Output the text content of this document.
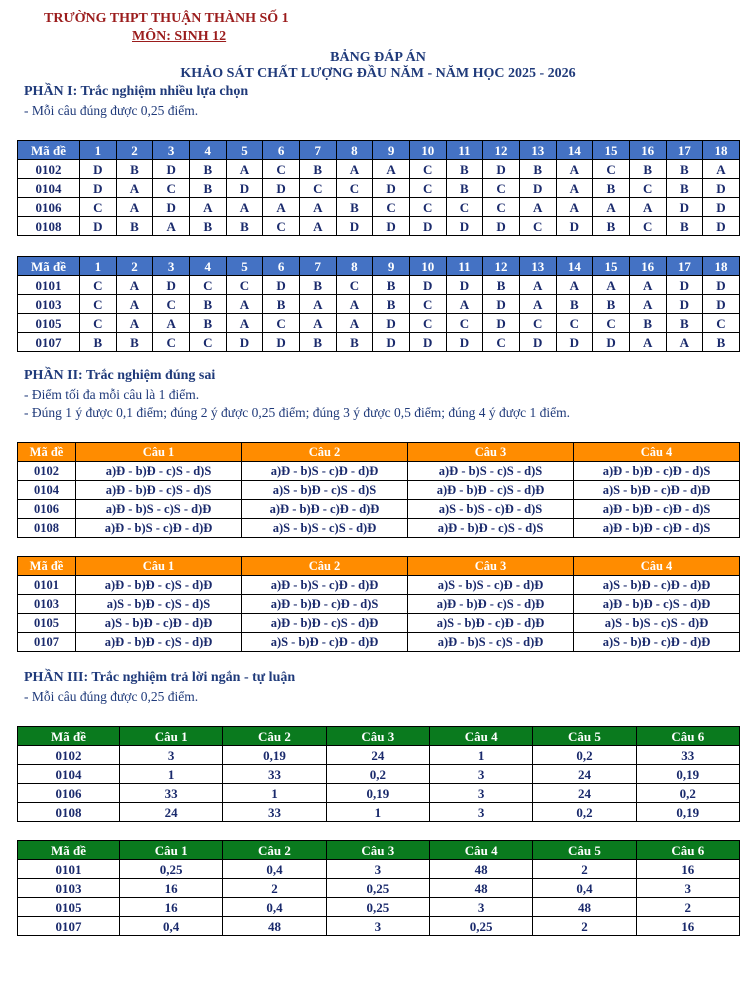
TRƯỜNG THPT THUẬN THÀNH SỐ 1
MÔN: SINH 12
BẢNG ĐÁP ÁN
KHẢO SÁT CHẤT LƯỢNG ĐẦU NĂM - NĂM HỌC 2025 - 2026
PHẦN I: Trắc nghiệm nhiều lựa chọn
- Mỗi câu đúng được 0,25 điểm.
Mã đề	1	2	3	4	5	6	7	8	9	10	11	12	13	14	15	16	17	18
0102	D	B	D	B	A	C	B	A	A	C	B	D	B	A	C	B	B	A
0104	D	A	C	B	D	D	C	C	D	C	B	C	D	A	B	C	B	D
0106	C	A	D	A	A	A	A	B	C	C	C	C	A	A	A	A	D	D
0108	D	B	A	B	B	C	A	D	D	D	D	D	C	D	B	C	B	D
Mã đề	1	2	3	4	5	6	7	8	9	10	11	12	13	14	15	16	17	18
0101	C	A	D	C	C	D	B	C	B	D	D	B	A	A	A	A	D	D
0103	C	A	C	B	A	B	A	A	B	C	A	D	A	B	B	A	D	D
0105	C	A	A	B	A	C	A	A	D	C	C	D	C	C	C	B	B	C
0107	B	B	C	C	D	D	B	B	D	D	D	C	D	D	D	A	A	B
PHẦN II: Trắc nghiệm đúng sai
- Điểm tối đa mỗi câu là 1 điểm.
- Đúng 1 ý được 0,1 điểm; đúng 2 ý được 0,25 điểm; đúng 3 ý được 0,5 điểm; đúng 4 ý được 1 điểm.
Mã đề	Câu 1	Câu 2	Câu 3	Câu 4
0102	a)Đ - b)Đ - c)S - d)S	a)Đ - b)S - c)Đ - d)Đ	a)Đ - b)S - c)S - d)S	a)Đ - b)Đ - c)Đ - d)S
0104	a)Đ - b)Đ - c)S - d)S	a)S - b)Đ - c)S - d)S	a)Đ - b)Đ - c)S - d)Đ	a)S - b)Đ - c)Đ - d)Đ
0106	a)Đ - b)S - c)S - d)Đ	a)Đ - b)Đ - c)Đ - d)Đ	a)S - b)S - c)Đ - d)S	a)Đ - b)Đ - c)Đ - d)S
0108	a)Đ - b)S - c)Đ - d)Đ	a)S - b)S - c)S - d)Đ	a)Đ - b)Đ - c)S - d)S	a)Đ - b)Đ - c)Đ - d)S
Mã đề	Câu 1	Câu 2	Câu 3	Câu 4
0101	a)Đ - b)Đ - c)S - d)Đ	a)Đ - b)S - c)Đ - d)Đ	a)S - b)S - c)Đ - d)Đ	a)S - b)Đ - c)Đ - d)Đ
0103	a)S - b)Đ - c)S - d)S	a)Đ - b)Đ - c)Đ - d)S	a)Đ - b)Đ - c)S - d)Đ	a)Đ - b)Đ - c)S - d)Đ
0105	a)S - b)Đ - c)Đ - d)Đ	a)Đ - b)Đ - c)S - d)Đ	a)S - b)Đ - c)Đ - d)Đ	a)S - b)S - c)S - d)Đ
0107	a)Đ - b)Đ - c)S - d)Đ	a)S - b)Đ - c)Đ - d)Đ	a)Đ - b)S - c)S - d)Đ	a)S - b)Đ - c)Đ - d)Đ
PHẦN III: Trắc nghiệm trả lời ngắn - tự luận
- Mỗi câu đúng được 0,25 điểm.
Mã đề	Câu 1	Câu 2	Câu 3	Câu 4	Câu 5	Câu 6
0102	3	0,19	24	1	0,2	33
0104	1	33	0,2	3	24	0,19
0106	33	1	0,19	3	24	0,2
0108	24	33	1	3	0,2	0,19
Mã đề	Câu 1	Câu 2	Câu 3	Câu 4	Câu 5	Câu 6
0101	0,25	0,4	3	48	2	16
0103	16	2	0,25	48	0,4	3
0105	16	0,4	0,25	3	48	2
0107	0,4	48	3	0,25	2	16
